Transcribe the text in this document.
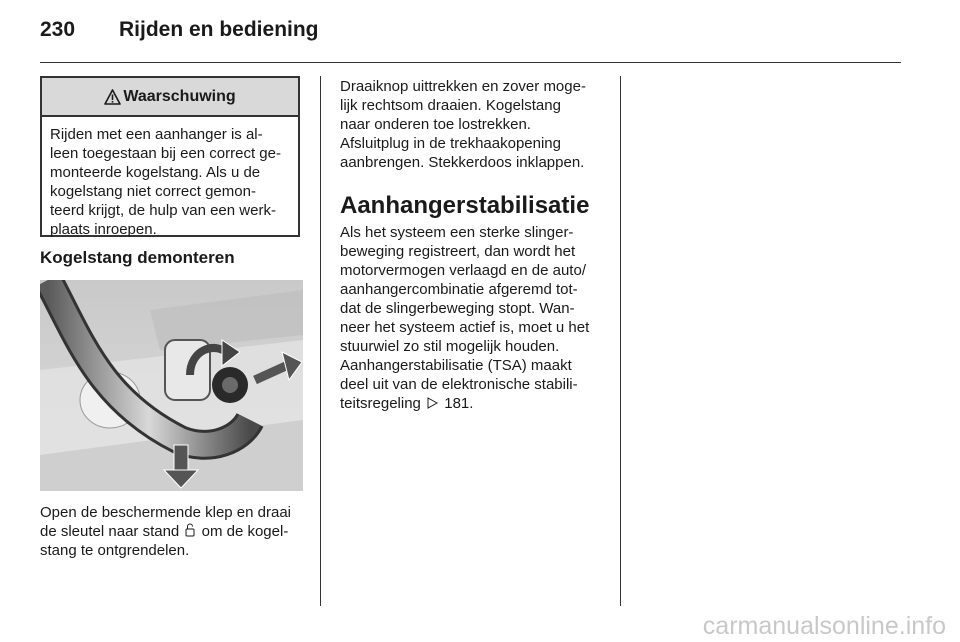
230 Rijden en bediening
Waarschuwing
Rijden met een aanhanger is al-
leen toegestaan bij een correct ge-
monteerde kogelstang. Als u de
kogelstang niet correct gemon-
teerd krijgt, de hulp van een werk-
plaats inroepen.
Kogelstang demonteren
Open de beschermende klep en draai
de sleutel naar stand om de kogel-
stang te ontgrendelen.
Draaiknop uittrekken en zover moge-
lijk rechtsom draaien. Kogelstang
naar onderen toe lostrekken.
Afsluitplug in de trekhaakopening
aanbrengen. Stekkerdoos inklappen.
Aanhangerstabilisatie
Als het systeem een sterke slinger-
beweging registreert, dan wordt het
motorvermogen verlaagd en de auto/
aanhangercombinatie afgeremd tot-
dat de slingerbeweging stopt. Wan-
neer het systeem actief is, moet u het
stuurwiel zo stil mogelijk houden.
Aanhangerstabilisatie (TSA) maakt
deel uit van de elektronische stabili-
teitsregeling 181.
carmanualsonline.info
